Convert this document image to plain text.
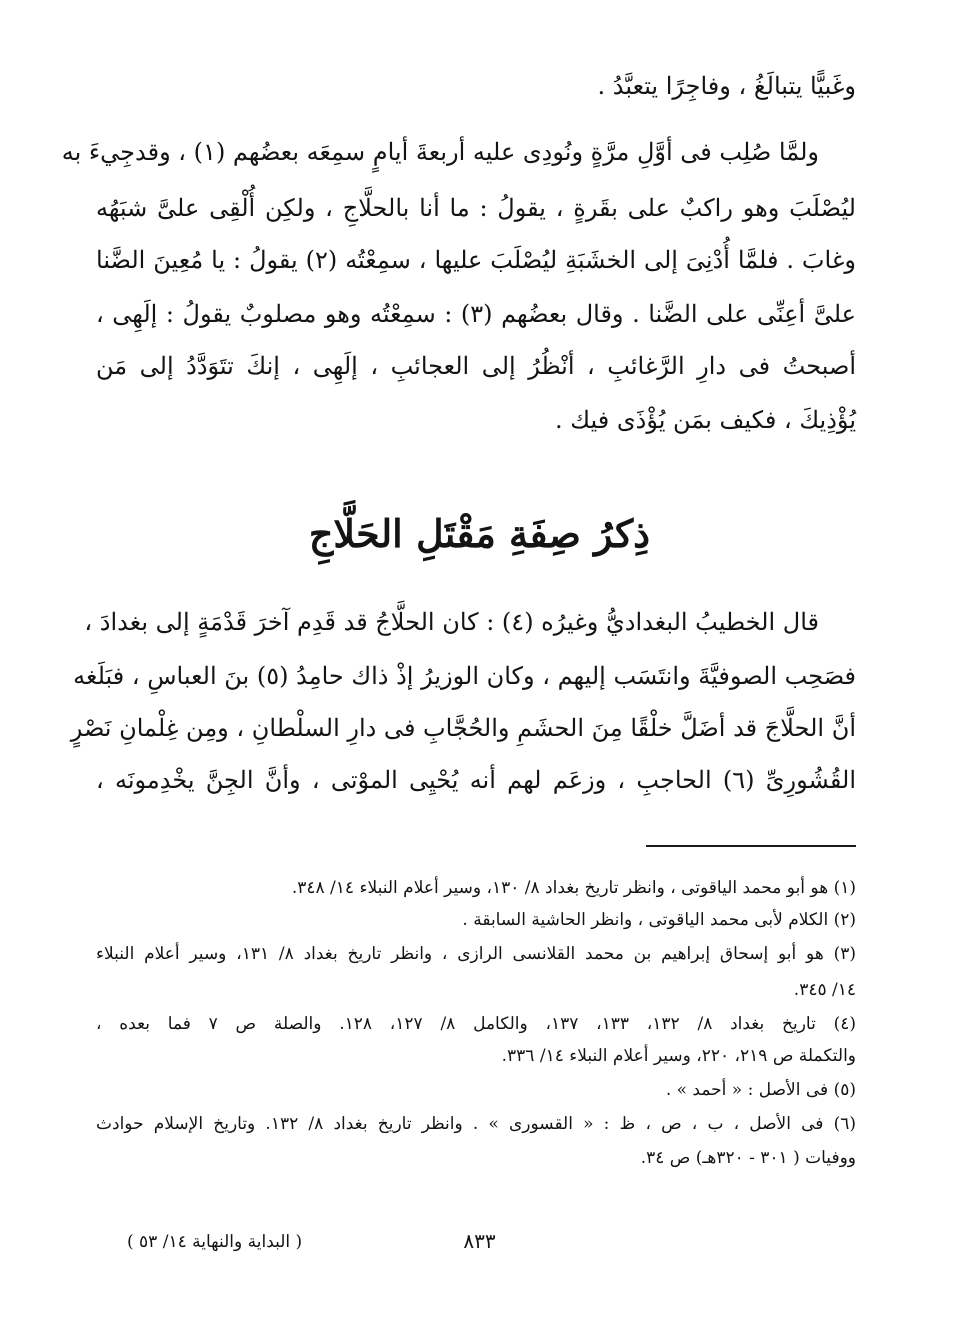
وغَبيًّا يتبالَغُ ، وفاجِرًا يتعبَّدُ .
ولمَّا صُلِب فى أوَّلِ مرَّةٍ ونُودِى عليه أربعةَ أيامٍ سمِعَه بعضُهم (١) ، وقدجِيءَ به
ليُصْلَبَ وهو راكبٌ على بقَرةٍ ، يقولُ : ما أنا بالحلَّاجِ ، ولكِن أُلْقِى علىَّ شبَهُه
وغابَ . فلمَّا أُدْنِىَ إلى الخشَبَةِ ليُصْلَبَ عليها ، سمِعْتُه (٢) يقولُ : يا مُعِينَ الضَّنا
علىَّ أعِنِّى على الضَّنا . وقال بعضُهم (٣) : سمِعْتُه وهو مصلوبٌ يقولُ : إلَهِى ،
أصبحتُ فى دارِ الرَّغائبِ ، أنْظُرُ إلى العجائبِ ، إلَهِى ، إنكَ تتَوَدَّدُ إلى مَن
يُؤْذِيكَ ، فكيف بمَن يُؤْذَى فيك .
ذِكرُ صِفَةِ مَقْتَلِ الحَلَّاجِ
قال الخطيبُ البغداديُّ وغيرُه (٤) : كان الحلَّاجُ قد قَدِم آخرَ قَدْمَةٍ إلى بغدادَ ،
فصَحِب الصوفيَّةَ وانتَسَب إليهم ، وكان الوزيرُ إذْ ذاك حامِدُ (٥) بنَ العباسِ ، فبَلَغه
أنَّ الحلَّاجَ قد أضَلَّ خلْقًا مِنَ الحشَمِ والحُجَّابِ فى دارِ السلْطانِ ، ومِن غِلْمانِ نَصْرٍ
القُشُورِىِّ (٦) الحاجبِ ، وزعَم لهم أنه يُحْيِى الموْتى ، وأنَّ الجِنَّ يخْدِمونَه ،
(١) هو أبو محمد الياقوتى ، وانظر تاريخ بغداد ٨/ ١٣٠، وسير أعلام النبلاء ١٤/ ٣٤٨.
(٢) الكلام لأبى محمد الياقوتى ، وانظر الحاشية السابقة .
(٣) هو أبو إسحاق إبراهيم بن محمد القلانسى الرازى ، وانظر تاريخ بغداد ٨/ ١٣١، وسير أعلام النبلاء
١٤/ ٣٤٥.
(٤) تاريخ بغداد ٨/ ١٣٢، ١٣٣، ١٣٧، والكامل ٨/ ١٢٧، ١٢٨. والصلة ص ٧ فما بعده ،
والتكملة ص ٢١٩، ٢٢٠، وسير أعلام النبلاء ١٤/ ٣٣٦.
(٥) فى الأصل : « أحمد » .
(٦) فى الأصل ، ب ، ص ، ظ : « القسورى » . وانظر تاريخ بغداد ٨/ ١٣٢. وتاريخ الإسلام حوادث
ووفيات ( ٣٠١ - ٣٢٠هـ) ص ٣٤.
٨٣٣
( البداية والنهاية ١٤/ ٥٣ )
